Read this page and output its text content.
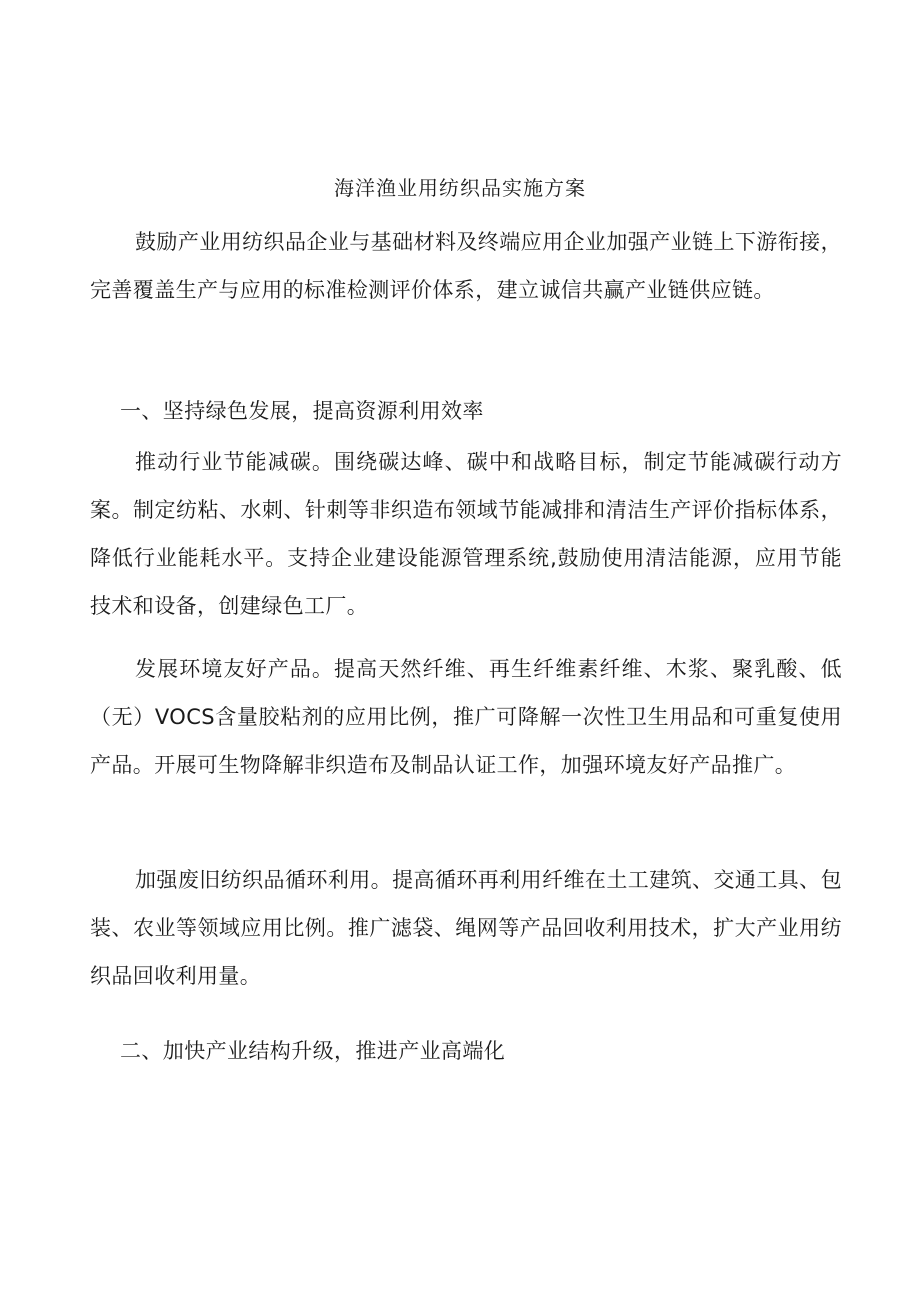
海洋渔业用纺织品实施方案

鼓励产业用纺织品企业与基础材料及终端应用企业加强产业链上下游衔接，完善覆盖生产与应用的标准检测评价体系，建立诚信共赢产业链供应链。

一、坚持绿色发展，提高资源利用效率

推动行业节能减碳。围绕碳达峰、碳中和战略目标，制定节能减碳行动方案。制定纺粘、水刺、针刺等非织造布领域节能减排和清洁生产评价指标体系，降低行业能耗水平。支持企业建设能源管理系统,鼓励使用清洁能源，应用节能技术和设备，创建绿色工厂。

发展环境友好产品。提高天然纤维、再生纤维素纤维、木浆、聚乳酸、低（无）VOCS含量胶粘剂的应用比例，推广可降解一次性卫生用品和可重复使用产品。开展可生物降解非织造布及制品认证工作，加强环境友好产品推广。

加强废旧纺织品循环利用。提高循环再利用纤维在土工建筑、交通工具、包装、农业等领域应用比例。推广滤袋、绳网等产品回收利用技术，扩大产业用纺织品回收利用量。

二、加快产业结构升级，推进产业高端化
